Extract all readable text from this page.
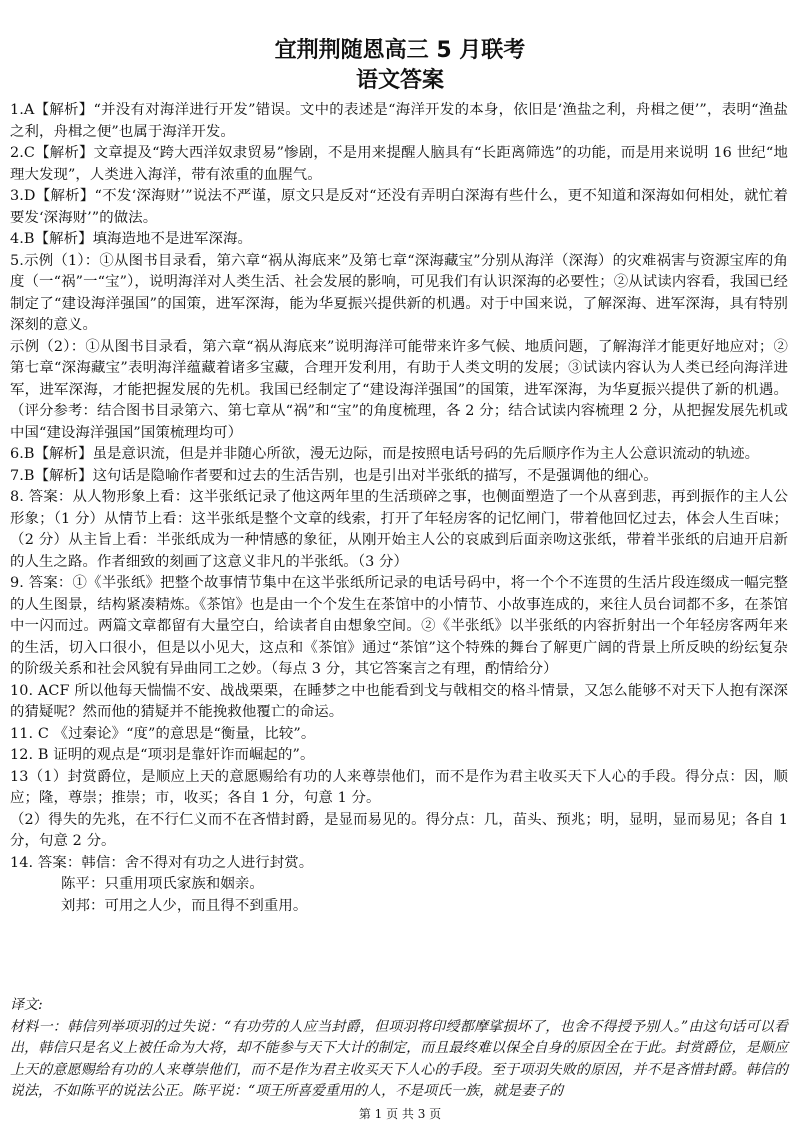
宜荆荆随恩高三 5 月联考
语文答案

1.A【解析】“并没有对海洋进行开发”错误。文中的表述是“海洋开发的本身，依旧是‘渔盐之利，舟楫之便’”，表明“渔盐之利，舟楫之便”也属于海洋开发。

2.C【解析】文章提及“跨大西洋奴隶贸易”惨剧，不是用来提醒人脑具有“长距离筛选”的功能，而是用来说明 16 世纪“地理大发现”，人类进入海洋，带有浓重的血腥气。

3.D【解析】“不发‘深海财’”说法不严谨，原文只是反对“还没有弄明白深海有些什么，更不知道和深海如何相处，就忙着要发‘深海财’”的做法。

4.B【解析】填海造地不是进军深海。

5.示例（1）：①从图书目录看，第六章“祸从海底来”及第七章“深海藏宝”分别从海洋（深海）的灾难祸害与资源宝库的角度（一“祸”一“宝”），说明海洋对人类生活、社会发展的影响，可见我们有认识深海的必要性；②从试读内容看，我国已经制定了“建设海洋强国”的国策，进军深海，能为华夏振兴提供新的机遇。对于中国来说，了解深海、进军深海，具有特别深刻的意义。

示例（2）：①从图书目录看，第六章“祸从海底来”说明海洋可能带来许多气候、地质问题，了解海洋才能更好地应对；②第七章“深海藏宝”表明海洋蕴藏着诸多宝藏，合理开发利用，有助于人类文明的发展；③试读内容认为人类已经向海洋进军，进军深海，才能把握发展的先机。我国已经制定了“建设海洋强国”的国策，进军深海，为华夏振兴提供了新的机遇。（评分参考：结合图书目录第六、第七章从“祸”和“宝”的角度梳理，各 2 分；结合试读内容梳理 2 分，从把握发展先机或中国“建设海洋强国”国策梳理均可）

6.B【解析】虽是意识流，但是并非随心所欲，漫无边际，而是按照电话号码的先后顺序作为主人公意识流动的轨迹。

7.B【解析】这句话是隐喻作者要和过去的生活告别，也是引出对半张纸的描写，不是强调他的细心。

8. 答案：从人物形象上看：这半张纸记录了他这两年里的生活琐碎之事，也侧面塑造了一个从喜到悲，再到振作的主人公形象；（1 分）从情节上看：这半张纸是整个文章的线索，打开了年轻房客的记忆闸门，带着他回忆过去，体会人生百味；（2 分）从主旨上看：半张纸成为一种情感的象征，从刚开始主人公的哀戚到后面亲吻这张纸，带着半张纸的启迪开启新的人生之路。作者细致的刻画了这意义非凡的半张纸。（3 分）

9. 答案：①《半张纸》把整个故事情节集中在这半张纸所记录的电话号码中，将一个个不连贯的生活片段连缀成一幅完整的人生图景，结构紧凑精炼。《茶馆》也是由一个个发生在茶馆中的小情节、小故事连成的，来往人员台词都不多，在茶馆中一闪而过。两篇文章都留有大量空白，给读者自由想象空间。②《半张纸》以半张纸的内容折射出一个年轻房客两年来的生活，切入口很小，但是以小见大，这点和《茶馆》通过“茶馆”这个特殊的舞台了解更广阔的背景上所反映的纷纭复杂的阶级关系和社会风貌有异曲同工之妙。（每点 3 分，其它答案言之有理，酌情给分）

10. ACF 所以他每天惴惴不安、战战栗栗，在睡梦之中也能看到戈与戟相交的格斗情景，又怎么能够不对天下人抱有深深的猜疑呢？然而他的猜疑并不能挽救他覆亡的命运。

11. C 《过秦论》“度”的意思是“衡量，比较”。

12. B 证明的观点是“项羽是靠奸诈而崛起的”。

13（1）封赏爵位，是顺应上天的意愿赐给有功的人来尊崇他们，而不是作为君主收买天下人心的手段。得分点：因，顺应；隆，尊崇；推崇；市，收买；各自 1 分，句意 1 分。

（2）得失的先兆，在不行仁义而不在吝惜封爵，是显而易见的。得分点：几，苗头、预兆；明，显明，显而易见；各自 1 分，句意 2 分。

14. 答案：韩信：舍不得对有功之人进行封赏。

陈平：只重用项氏家族和姻亲。

刘邦：可用之人少，而且得不到重用。

译文:

材料一：韩信列举项羽的过失说：“有功劳的人应当封爵，但项羽将印绶都摩挲损坏了，也舍不得授予别人。”由这句话可以看出，韩信只是名义上被任命为大将，却不能参与天下大计的制定，而且最终难以保全自身的原因全在于此。封赏爵位，是顺应上天的意愿赐给有功的人来尊崇他们，而不是作为君主收买天下人心的手段。至于项羽失败的原因，并不是吝惜封爵。韩信的说法，不如陈平的说法公正。陈平说：“项王所喜爱重用的人，不是项氏一族，就是妻子的

第 1 页 共 3 页
